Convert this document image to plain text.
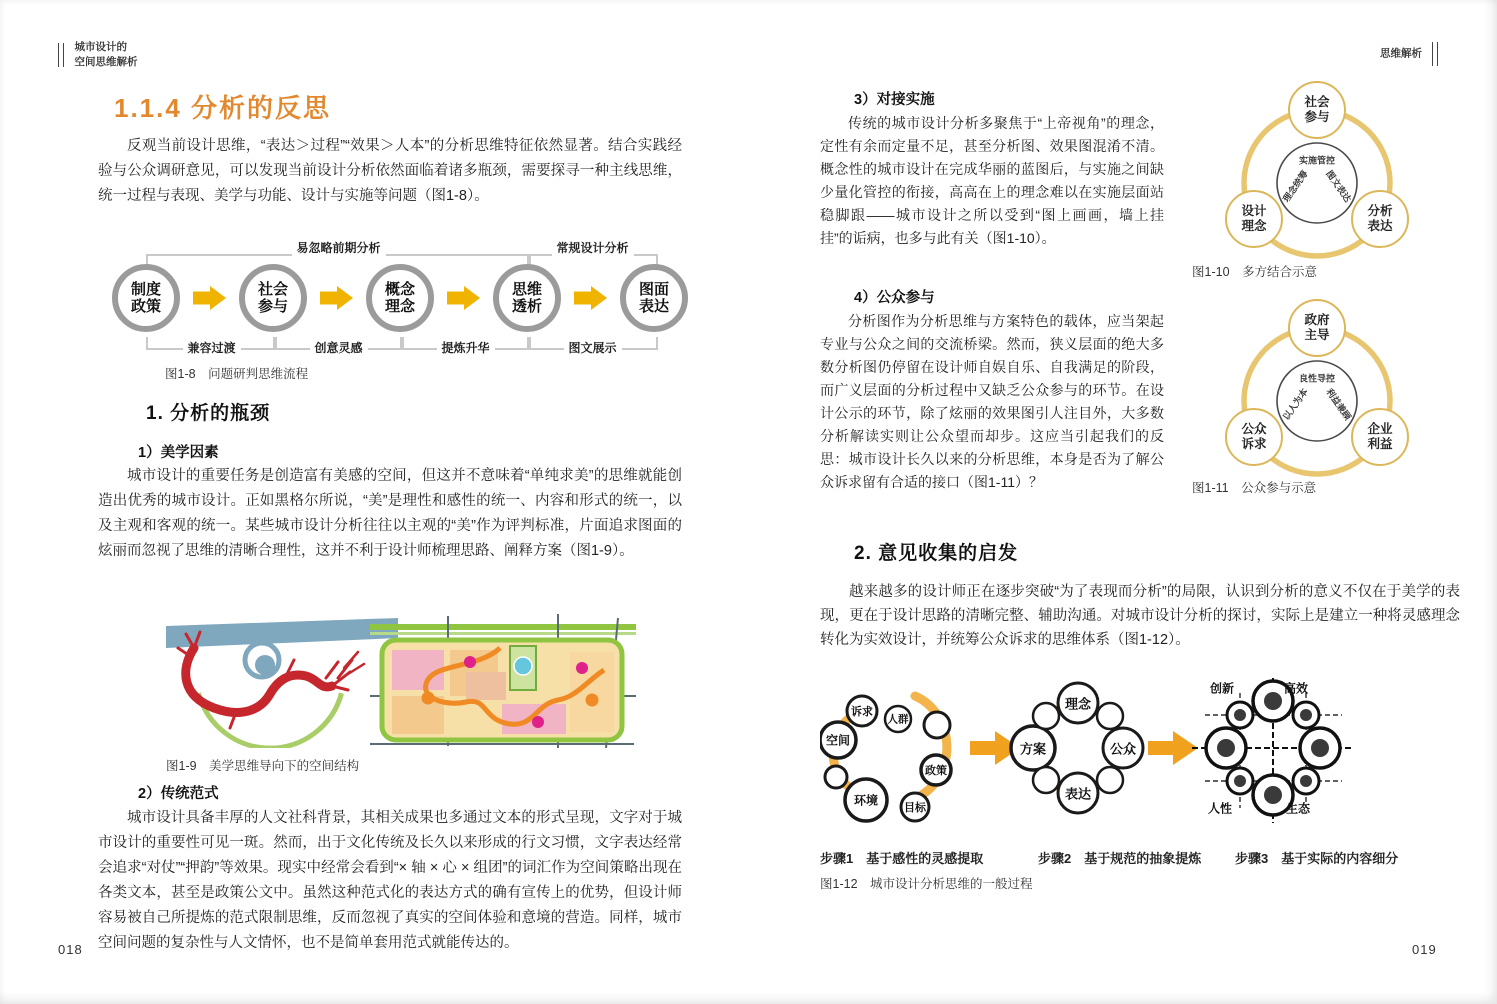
城市设计的
空间思维解析
1.1.4 分析的反思
反观当前设计思维，“表达＞过程”“效果＞人本”的分析思维特征依然显著。结合实践经验与公众调研意见，可以发现当前设计分析依然面临着诸多瓶颈，需要探寻一种主线思维，统一过程与表现、美学与功能、设计与实施等问题（图1-8）。
易忽略前期分析	常规设计分析
制度政策
社会参与
概念理念
思维透析
图面表达
兼容过渡	创意灵感	提炼升华	图文展示
图1-8　问题研判思维流程
1. 分析的瓶颈
1）美学因素
城市设计的重要任务是创造富有美感的空间，但这并不意味着“单纯求美”的思维就能创造出优秀的城市设计。正如黑格尔所说，“美”是理性和感性的统一、内容和形式的统一，以及主观和客观的统一。某些城市设计分析往往以主观的“美”作为评判标准，片面追求图面的炫丽而忽视了思维的清晰合理性，这并不利于设计师梳理思路、阐释方案（图1-9）。
图1-9　美学思维导向下的空间结构
2）传统范式
城市设计具备丰厚的人文社科背景，其相关成果也多通过文本的形式呈现，文字对于城市设计的重要性可见一斑。然而，出于文化传统及长久以来形成的行文习惯，文字表达经常会追求“对仗”“押韵”等效果。现实中经常会看到“× 轴 × 心 × 组团”的词汇作为空间策略出现在各类文本，甚至是政策公文中。虽然这种范式化的表达方式的确有宣传上的优势，但设计师容易被自己所提炼的范式限制思维，反而忽视了真实的空间体验和意境的营造。同样，城市空间问题的复杂性与人文情怀，也不是简单套用范式就能传达的。
018
思维解析
3）对接实施
传统的城市设计分析多聚焦于“上帝视角”的理念，定性有余而定量不足，甚至分析图、效果图混淆不清。概念性的城市设计在完成华丽的蓝图后，与实施之间缺少量化管控的衔接，高高在上的理念难以在实施层面站稳脚跟——城市设计之所以受到“图上画画，墙上挂挂”的诟病，也多与此有关（图1-10）。
4）公众参与
分析图作为分析思维与方案特色的载体，应当架起专业与公众之间的交流桥梁。然而，狭义层面的绝大多数分析图仍停留在设计师自娱自乐、自我满足的阶段，而广义层面的分析过程中又缺乏公众参与的环节。在设计公示的环节，除了炫丽的效果图引人注目外，大多数分析解读实则让公众望而却步。这应当引起我们的反思：城市设计长久以来的分析思维，本身是否为了解公众诉求留有合适的接口（图1-11）？
社会参与
设计理念
分析表达
实施管控
理念统筹 图文表达
图1-10　多方结合示意
政府主导
公众诉求
企业利益
良性导控
以人为本 利益兼顾
图1-11　公众参与示意
2. 意见收集的启发
越来越多的设计师正在逐步突破“为了表现而分析”的局限，认识到分析的意义不仅在于美学的表现，更在于设计思路的清晰完整、辅助沟通。对城市设计分析的探讨，实际上是建立一种将灵感理念转化为实效设计，并统筹公众诉求的思维体系（图1-12）。
诉求
人群
空间
政策
环境
目标
理念
公众
表达
方案
创新	高效
人性	生态
步骤1　基于感性的灵感提取	步骤2　基于规范的抽象提炼	步骤3　基于实际的内容细分
图1-12　城市设计分析思维的一般过程
019
